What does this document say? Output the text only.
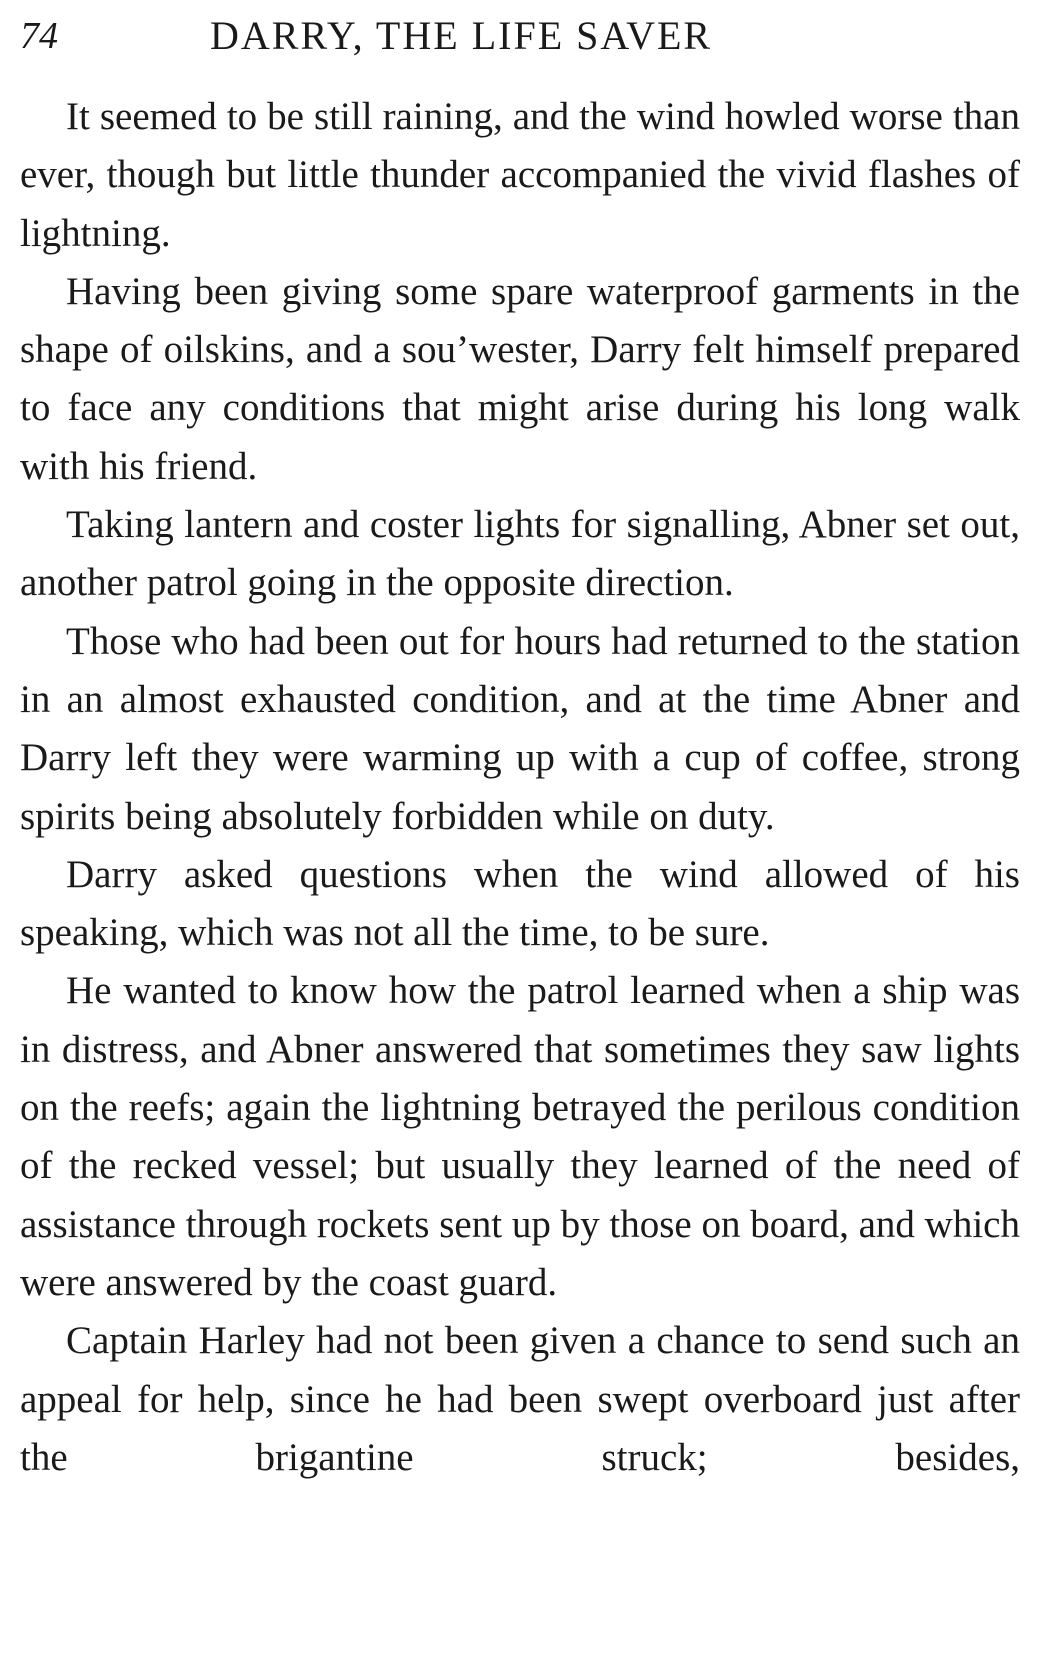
74	DARRY, THE LIFE SAVER

It seemed to be still raining, and the wind howled worse than ever, though but little thunder accompanied the vivid flashes of lightning.

Having been giving some spare waterproof garments in the shape of oilskins, and a sou’wester, Darry felt himself prepared to face any conditions that might arise during his long walk with his friend.

Taking lantern and coster lights for signalling, Abner set out, another patrol going in the opposite direction.

Those who had been out for hours had returned to the station in an almost exhausted condition, and at the time Abner and Darry left they were warming up with a cup of coffee, strong spirits being absolutely forbidden while on duty.

Darry asked questions when the wind allowed of his speaking, which was not all the time, to be sure.

He wanted to know how the patrol learned when a ship was in distress, and Abner answered that sometimes they saw lights on the reefs; again the lightning betrayed the perilous condition of the recked vessel; but usually they learned of the need of assistance through rockets sent up by those on board, and which were answered by the coast guard.

Captain Harley had not been given a chance to send such an appeal for help, since he had been swept overboard just after the brigantine struck; besides,
